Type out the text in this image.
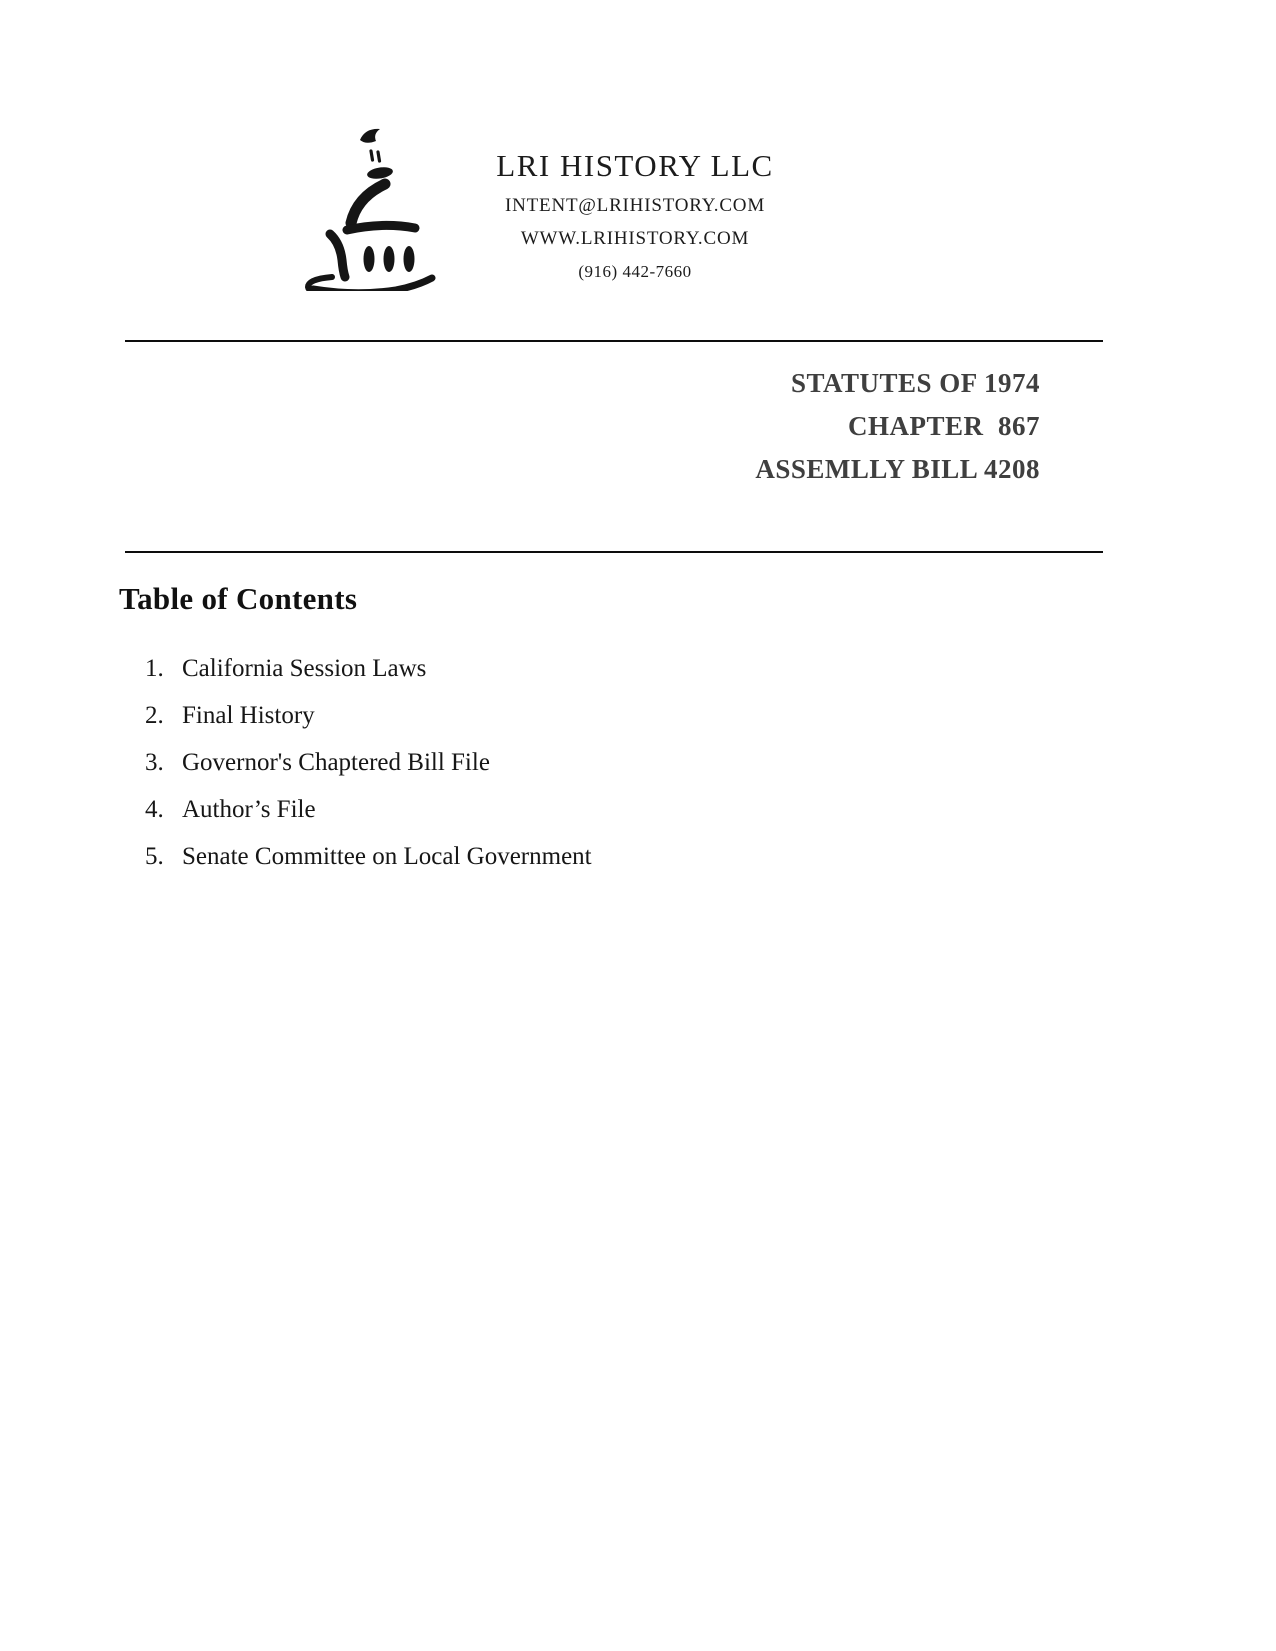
LRI HISTORY LLC
INTENT@LRIHISTORY.COM
WWW.LRIHISTORY.COM
(916) 442-7660
STATUTES OF 1974
CHAPTER  867
ASSEMLLY BILL 4208
Table of Contents
1. California Session Laws
2. Final History
3. Governor's Chaptered Bill File
4. Author’s File
5. Senate Committee on Local Government
